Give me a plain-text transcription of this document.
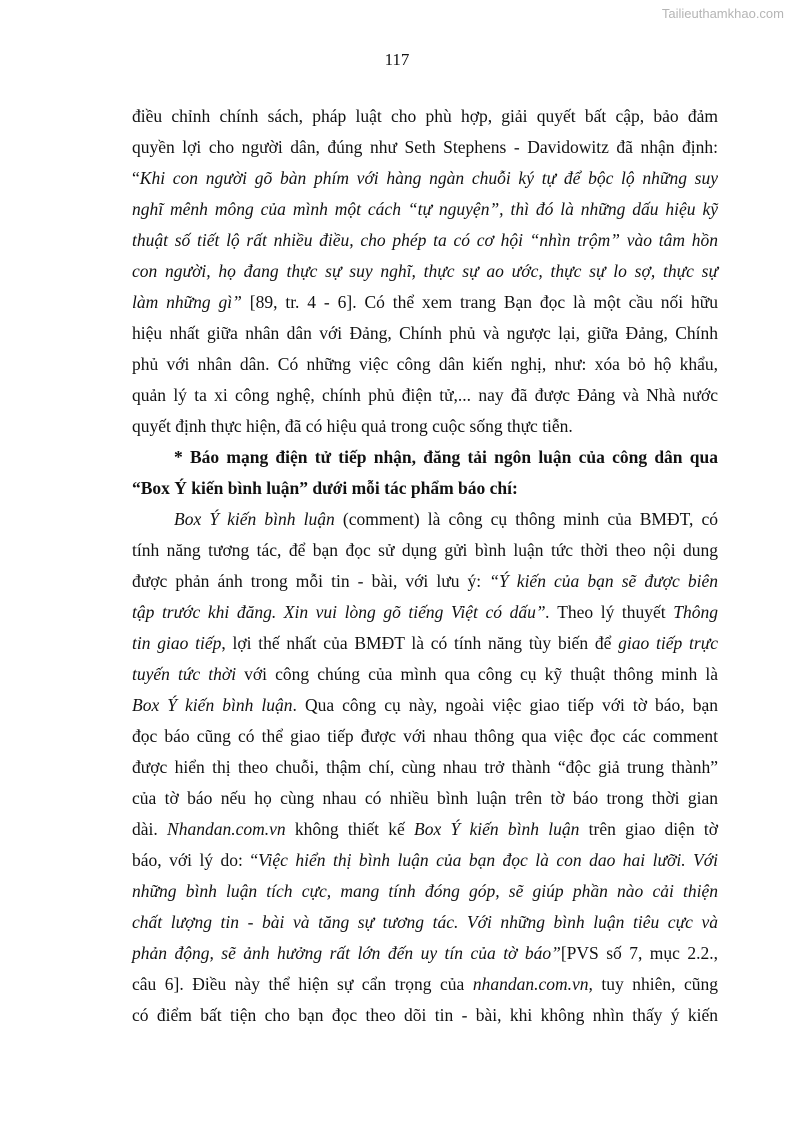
Tailieuthamkhao.com
117
điều chỉnh chính sách, pháp luật cho phù hợp, giải quyết bất cập, bảo đảm
quyền lợi cho người dân, đúng như Seth Stephens - Davidowitz đã nhận định:
“Khi con người gõ bàn phím với hàng ngàn chuỗi ký tự để bộc lộ những suy
nghĩ mênh mông của mình một cách “tự nguyện”, thì đó là những dấu hiệu kỹ
thuật số tiết lộ rất nhiều điều, cho phép ta có cơ hội “nhìn trộm” vào tâm hồn
con người, họ đang thực sự suy nghĩ, thực sự ao ước, thực sự lo sợ, thực sự
làm những gì” [89, tr. 4 - 6]. Có thể xem trang Bạn đọc là một cầu nối hữu
hiệu nhất giữa nhân dân với Đảng, Chính phủ và ngược lại, giữa Đảng, Chính
phủ với nhân dân. Có những việc công dân kiến nghị, như: xóa bỏ hộ khẩu,
quản lý ta xi công nghệ, chính phủ điện tử,... nay đã được Đảng và Nhà nước
quyết định thực hiện, đã có hiệu quả trong cuộc sống thực tiễn.
* Báo mạng điện tử tiếp nhận, đăng tải ngôn luận của công dân qua
“Box Ý kiến bình luận” dưới mỗi tác phẩm báo chí:
Box Ý kiến bình luận (comment) là công cụ thông minh của BMĐT, có
tính năng tương tác, để bạn đọc sử dụng gửi bình luận tức thời theo nội dung
được phản ánh trong mỗi tin - bài, với lưu ý: “Ý kiến của bạn sẽ được biên
tập trước khi đăng. Xin vui lòng gõ tiếng Việt có dấu”. Theo lý thuyết Thông
tin giao tiếp, lợi thế nhất của BMĐT là có tính năng tùy biến để giao tiếp trực
tuyến tức thời với công chúng của mình qua công cụ kỹ thuật thông minh là
Box Ý kiến bình luận. Qua công cụ này, ngoài việc giao tiếp với tờ báo, bạn
đọc báo cũng có thể giao tiếp được với nhau thông qua việc đọc các comment
được hiển thị theo chuỗi, thậm chí, cùng nhau trở thành “độc giả trung thành”
của tờ báo nếu họ cùng nhau có nhiều bình luận trên tờ báo trong thời gian
dài. Nhandan.com.vn không thiết kế Box Ý kiến bình luận trên giao diện tờ
báo, với lý do: “Việc hiển thị bình luận của bạn đọc là con dao hai lưỡi. Với
những bình luận tích cực, mang tính đóng góp, sẽ giúp phần nào cải thiện
chất lượng tin - bài và tăng sự tương tác. Với những bình luận tiêu cực và
phản động, sẽ ảnh hưởng rất lớn đến uy tín của tờ báo”[PVS số 7, mục 2.2.,
câu 6]. Điều này thể hiện sự cẩn trọng của nhandan.com.vn, tuy nhiên, cũng
có điểm bất tiện cho bạn đọc theo dõi tin - bài, khi không nhìn thấy ý kiến
